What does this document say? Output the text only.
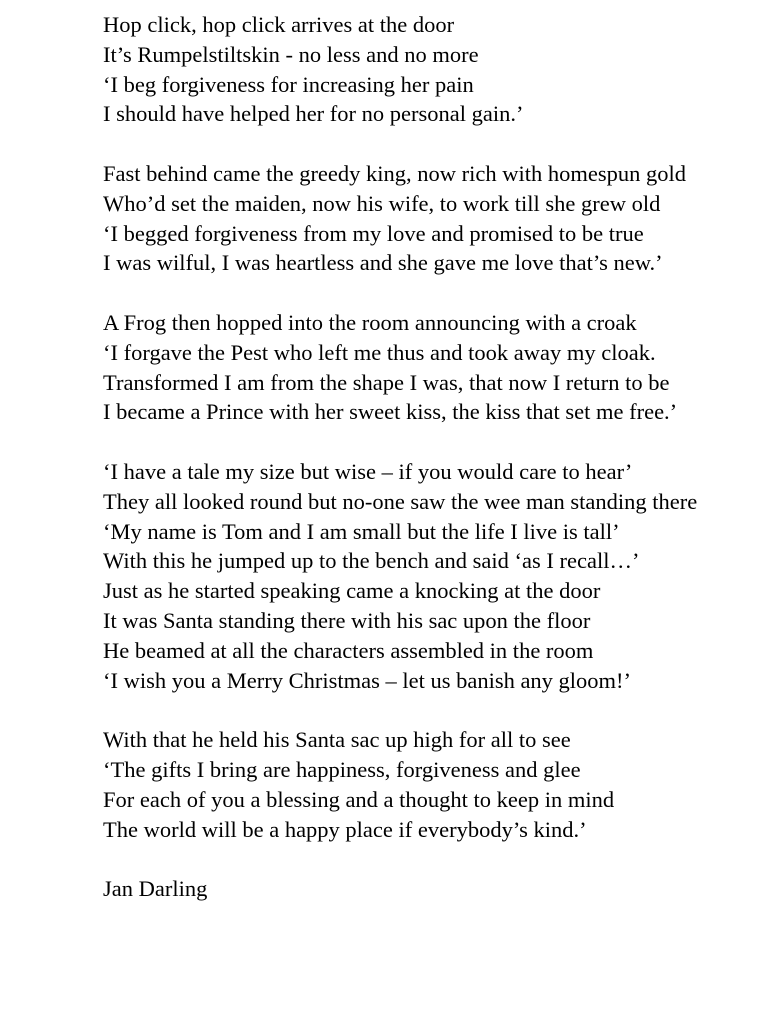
Hop click, hop click arrives at the door
It’s Rumpelstiltskin - no less and no more
‘I beg forgiveness for increasing her pain
I should have helped her for no personal gain.’
Fast behind came the greedy king, now rich with homespun gold
Who’d set the maiden, now his wife, to work till she grew old
‘I begged forgiveness from my love and promised to be true
I was wilful, I was heartless and she gave me love that’s new.’
A Frog then hopped into the room announcing with a croak
‘I forgave the Pest who left me thus and took away my cloak.
Transformed I am from the shape I was, that now I return to be
I became a Prince with her sweet kiss, the kiss that set me free.’
‘I have a tale my size but wise – if you would care to hear’
They all looked round but no-one saw the wee man standing there
‘My name is Tom and I am small but the life I live is tall’
With this he jumped up to the bench and said ‘as I recall…’
Just as he started speaking came a knocking at the door
It was Santa standing there with his sac upon the floor
He beamed at all the characters assembled in the room
‘I wish you a Merry Christmas – let us banish any gloom!’
With that he held his Santa sac up high for all to see
‘The gifts I bring are happiness, forgiveness and glee
For each of you a blessing and a thought to keep in mind
The world will be a happy place if everybody’s kind.’
Jan Darling
